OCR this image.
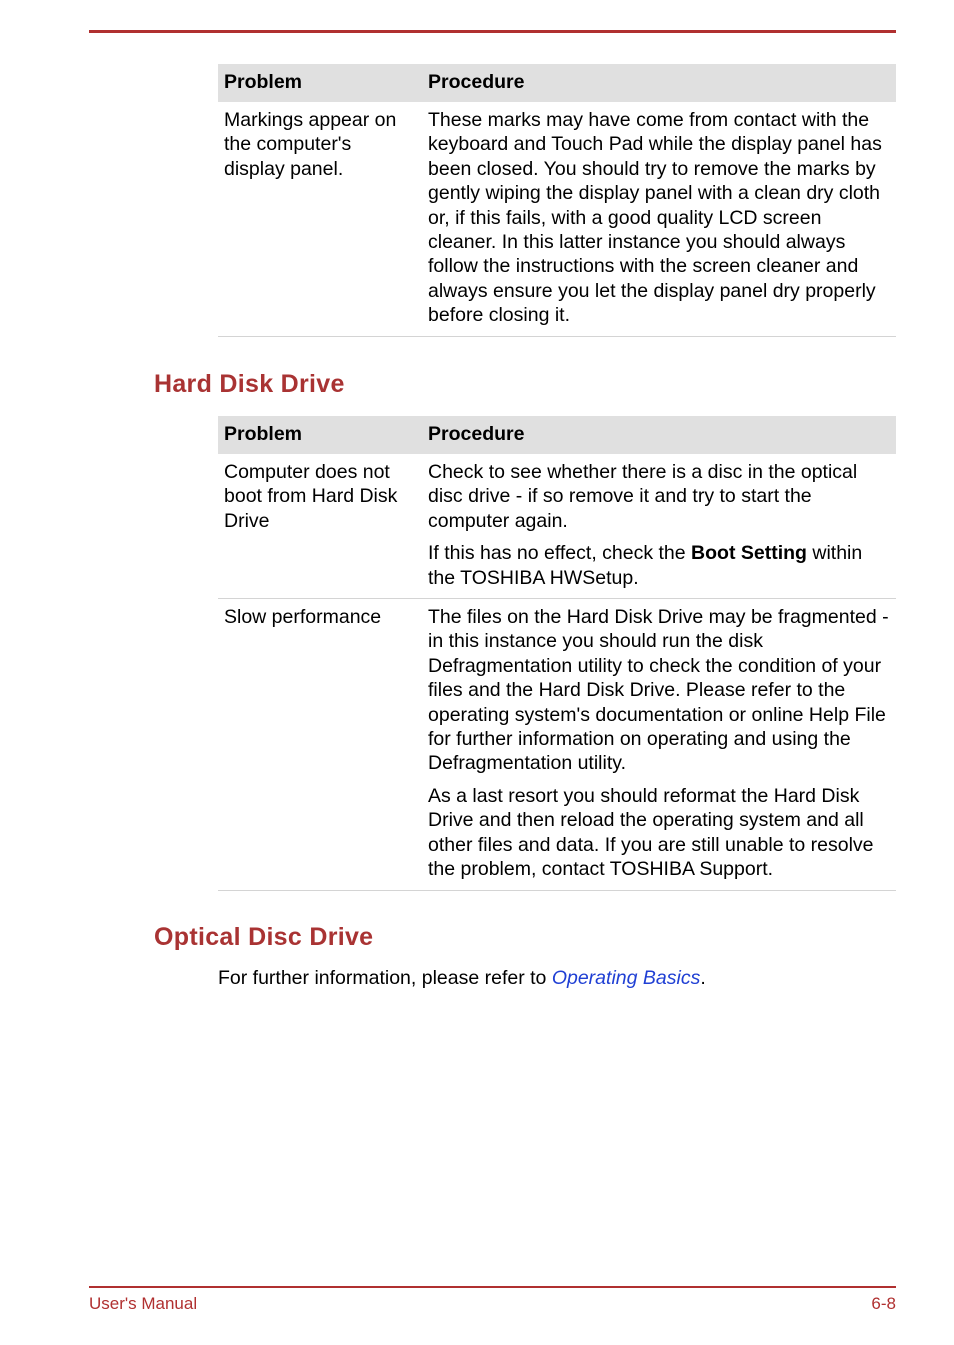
Problem	Procedure
Markings appear on the computer's display panel.	These marks may have come from contact with the keyboard and Touch Pad while the display panel has been closed. You should try to remove the marks by gently wiping the display panel with a clean dry cloth or, if this fails, with a good quality LCD screen cleaner. In this latter instance you should always follow the instructions with the screen cleaner and always ensure you let the display panel dry properly before closing it.

Hard Disk Drive
Problem	Procedure
Computer does not boot from Hard Disk Drive	Check to see whether there is a disc in the optical disc drive - if so remove it and try to start the computer again.

If this has no effect, check the Boot Setting within the TOSHIBA HWSetup.

Slow performance	The files on the Hard Disk Drive may be fragmented - in this instance you should run the disk Defragmentation utility to check the condition of your files and the Hard Disk Drive. Please refer to the operating system's documentation or online Help File for further information on operating and using the Defragmentation utility.

As a last resort you should reformat the Hard Disk Drive and then reload the operating system and all other files and data. If you are still unable to resolve the problem, contact TOSHIBA Support.

Optical Disc Drive

For further information, please refer to Operating Basics.

User's Manual	6-8
